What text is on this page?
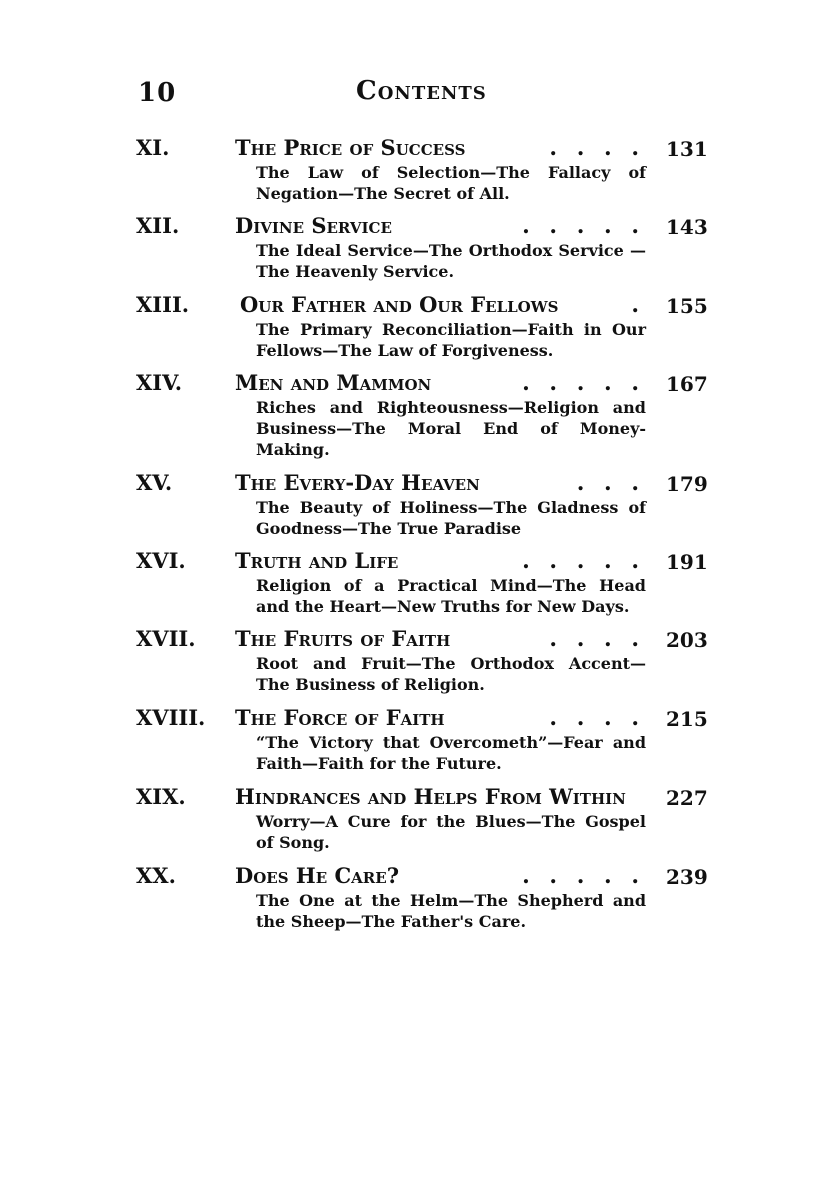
10	Contents
XI.	The Price of Success	. . . . 131
The Law of Selection—The Fallacy of Negation—The Secret of All.
XII.	Divine Service	. . . . . 143
The Ideal Service—The Orthodox Service —The Heavenly Service.
XIII. Our Father and Our Fellows	. 155
The Primary Reconciliation—Faith in Our Fellows—The Law of Forgiveness.
XIV.	Men and Mammon	. . . . . 167
Riches and Righteousness—Religion and Business—The Moral End of Money-Making.
XV.	The Every-Day Heaven	. . . 179
The Beauty of Holiness—The Gladness of Goodness—The True Paradise
XVI. Truth and Life	. . . . . 191
Religion of a Practical Mind—The Head and the Heart—New Truths for New Days.
XVII. The Fruits of Faith	. . . . 203
Root and Fruit—The Orthodox Accent— The Business of Religion.
XVIII. The Force of Faith	. . . . 215
“The Victory that Overcometh”—Fear and Faith—Faith for the Future.
XIX. Hindrances and Helps From Within	227
Worry—A Cure for the Blues—The Gospel of Song.
XX.	Does He Care?	. . . . . 239
The One at the Helm—The Shepherd and the Sheep—The Father's Care.
